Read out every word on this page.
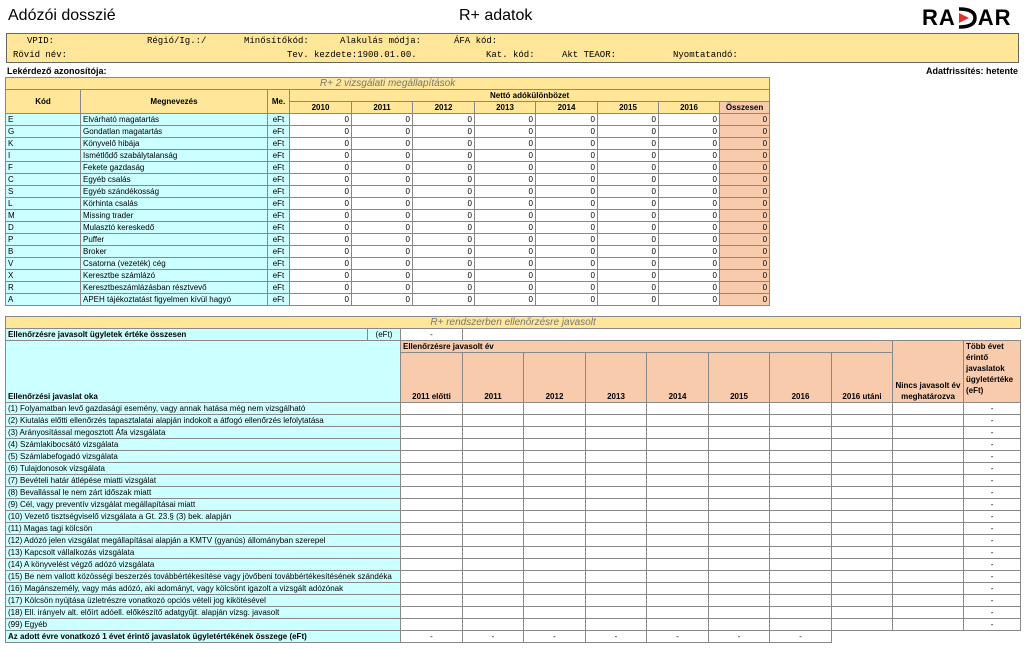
Adózói dosszié	R+ adatok	RA AR
VPID:	Régió/Ig.:/	Minősítőkód:	Alakulás módja:	ÁFA kód:
Rövid név:	Tev. kezdete:1900.01.00.	Kat. kód:	Akt TEAOR:	Nyomtatandó:
Lekérdező azonosítója:	Adatfrissítés: hetente
R+ 2 vizsgálati megállapítások										
Kód	Megnevezés	Me.	Nettó adókülönbözet							
			2010	2011	2012	2013	2014	2015	2016	Összesen
E	Elvárható magatartás	eFt	0	0	0	0	0	0	0	0
G	Gondatlan magatartás	eFt	0	0	0	0	0	0	0	0
K	Könyvelő hibája	eFt	0	0	0	0	0	0	0	0
I	Ismétlődő szabálytalanság	eFt	0	0	0	0	0	0	0	0
F	Fekete gazdaság	eFt	0	0	0	0	0	0	0	0
C	Egyéb csalás	eFt	0	0	0	0	0	0	0	0
S	Egyéb szándékosság	eFt	0	0	0	0	0	0	0	0
L	Körhinta csalás	eFt	0	0	0	0	0	0	0	0
M	Missing trader	eFt	0	0	0	0	0	0	0	0
D	Mulasztó kereskedő	eFt	0	0	0	0	0	0	0	0
P	Puffer	eFt	0	0	0	0	0	0	0	0
B	Broker	eFt	0	0	0	0	0	0	0	0
V	Csatorna (vezeték) cég	eFt	0	0	0	0	0	0	0	0
X	Keresztbe számlázó	eFt	0	0	0	0	0	0	0	0
R	Keresztbeszámlázásban résztvevő	eFt	0	0	0	0	0	0	0	0
A	APEH tájékoztatást figyelmen kívül hagyó	eFt	0	0	0	0	0	0	0	0
R+ rendszerben ellenőrzésre javasolt											
Ellenőrzésre javasolt ügyletek értéke összesen	(eFt)	-									
Ellenőrzési javaslat oka		Ellenőrzésre javasolt év								Nincs javasolt év meghatározva	Több évet érintő javaslatok ügyletértéke (eFt)
		2011 előtti	2011	2012	2013	2014	2015	2016	2016 utáni		
(1) Folyamatban levő gazdasági esemény, vagy annak hatása még nem vizsgálható											-
(2) Kiutalás előtti ellenőrzés tapasztalatai alapján indokolt a átfogó ellenőrzés lefolytatása											-
(3) Arányosítással megosztott Áfa vizsgálata											-
(4) Számlakibocsátó vizsgálata											-
(5) Számlabefogadó vizsgálata											-
(6) Tulajdonosok vizsgálata											-
(7) Bevételi határ átlépése miatti vizsgálat											-
(8) Bevallással le nem zárt időszak miatt											-
(9) Cél, vagy preventív vizsgálat megállapításai miatt											-
(10) Vezető tisztségviselő vizsgálata a Gt. 23.§ (3) bek. alapján											-
(11) Magas tagi kölcsön											-
(12) Adózó jelen vizsgálat megállapításai alapján a KMTV (gyanús) állományban szerepel											-
(13) Kapcsolt vállalkozás vizsgálata											-
(14) A könyvelést végző adózó vizsgálata											-
(15) Be nem vallott közösségi beszerzés továbbértékesítése vagy jövőbeni továbbértékesítésének szándéka											-
(16) Magánszemély, vagy más adózó, aki adományt, vagy kölcsönt igazolt a vizsgált adózónak											-
(17) Kölcsön nyújtása üzletrészre vonatkozó opciós vételi jog kikötésével											-
(18) Ell. irányelv alt. előírt adóell. előkészítő adatgyűjt. alapján vizsg. javasolt											-
(99) Egyéb											-
Az adott évre vonatkozó 1 évet érintő javaslatok ügyletértékének összege (eFt)		-	-	-	-	-	-	-			
